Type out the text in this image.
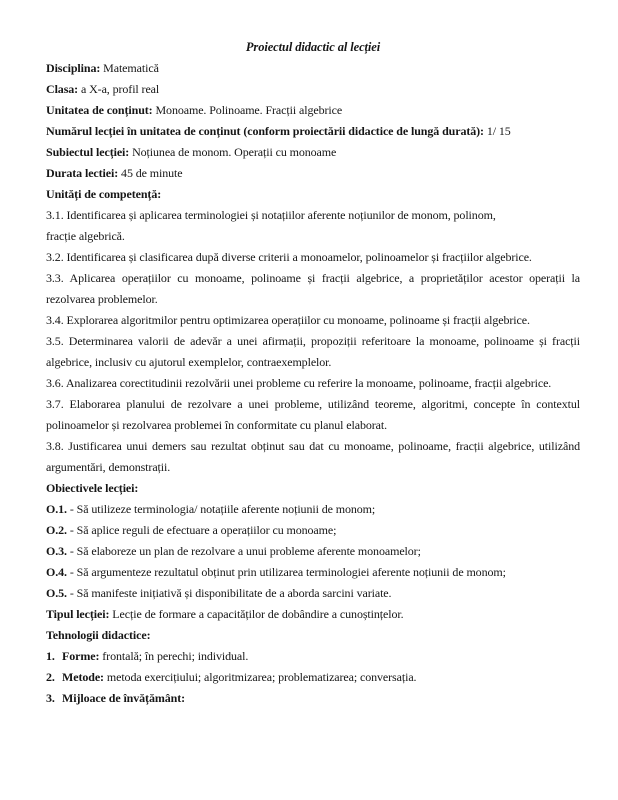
Proiectul didactic al lecției

Disciplina: Matematică

Clasa: a X-a, profil real

Unitatea de conținut: Monoame. Polinoame. Fracții algebrice

Numărul lecției în unitatea de conținut (conform proiectării didactice de lungă durată): 1/ 15

Subiectul lecției: Noțiunea de monom. Operații cu monoame

Durata lectiei: 45 de minute

Unități de competență:

3.1. Identificarea și aplicarea terminologiei și notațiilor aferente noțiunilor de monom, polinom,
fracție algebrică.

3.2. Identificarea și clasificarea după diverse criterii a monoamelor, polinoamelor și fracțiilor algebrice.

3.3. Aplicarea operațiilor cu monoame, polinoame și fracții algebrice, a proprietăților acestor operații la rezolvarea problemelor.

3.4. Explorarea algoritmilor pentru optimizarea operațiilor cu monoame, polinoame și fracții algebrice.

3.5. Determinarea valorii de adevăr a unei afirmații, propoziții referitoare la monoame, polinoame și fracții algebrice, inclusiv cu ajutorul exemplelor, contraexemplelor.

3.6. Analizarea corectitudinii rezolvării unei probleme cu referire la monoame, polinoame, fracții algebrice.

3.7. Elaborarea planului de rezolvare a unei probleme, utilizând teoreme, algoritmi, concepte în contextul polinoamelor și rezolvarea problemei în conformitate cu planul elaborat.

3.8. Justificarea unui demers sau rezultat obținut sau dat cu monoame, polinoame, fracții algebrice, utilizând argumentări, demonstrații.

Obiectivele lecției:

O.1. - Să utilizeze terminologia/ notațiile aferente noțiunii de monom;

O.2. - Să aplice reguli de efectuare a operațiilor cu monoame;

O.3. - Să elaboreze un plan de rezolvare a unui probleme aferente monoamelor;

O.4. - Să argumenteze rezultatul obținut prin utilizarea terminologiei aferente noțiunii de monom;

O.5. - Să manifeste inițiativă și disponibilitate de a aborda sarcini variate.

Tipul lecției: Lecție de formare a capacităților de dobândire a cunoștințelor.

Tehnologii didactice:

1. Forme: frontală; în perechi; individual.

2. Metode: metoda exercițiului; algoritmizarea; problematizarea; conversația.

3. Mijloace de învățământ:
